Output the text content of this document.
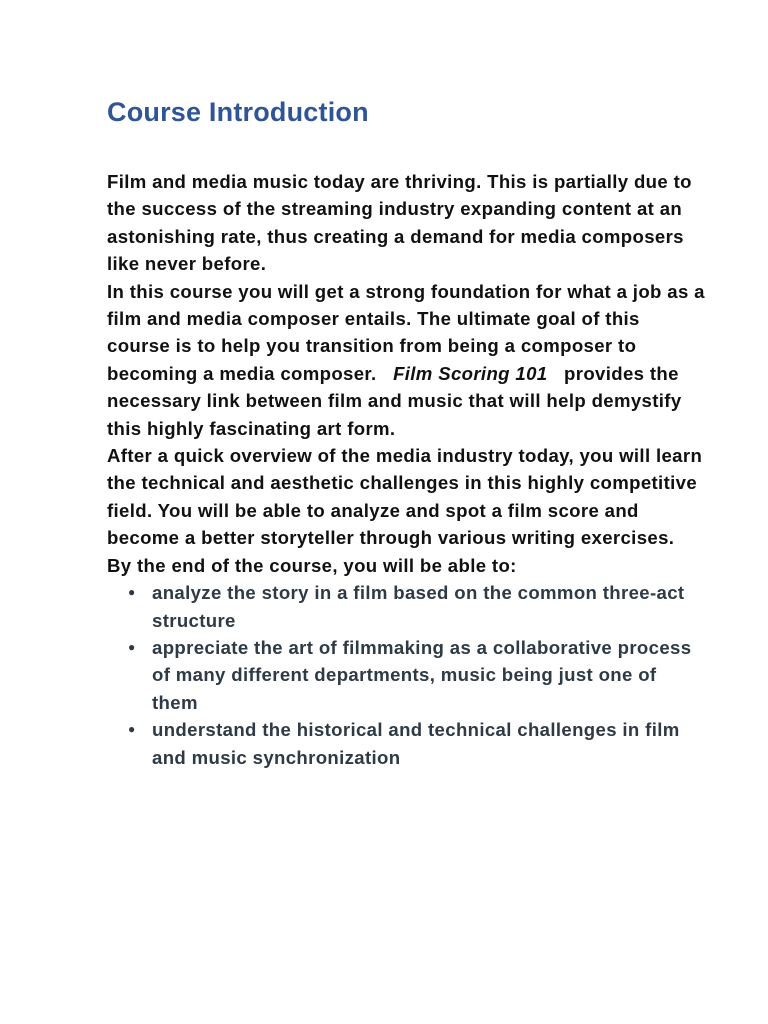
Course Introduction

Film and media music today are thriving. This is partially due to the success of the streaming industry expanding content at an astonishing rate, thus creating a demand for media composers like never before.

In this course you will get a strong foundation for what a job as a film and media composer entails. The ultimate goal of this course is to help you transition from being a composer to becoming a media composer. Film Scoring 101 provides the necessary link between film and music that will help demystify this highly fascinating art form.

After a quick overview of the media industry today, you will learn the technical and aesthetic challenges in this highly competitive field. You will be able to analyze and spot a film score and become a better storyteller through various writing exercises.

By the end of the course, you will be able to:

● analyze the story in a film based on the common three-act structure
● appreciate the art of filmmaking as a collaborative process of many different departments, music being just one of them
● understand the historical and technical challenges in film and music synchronization
